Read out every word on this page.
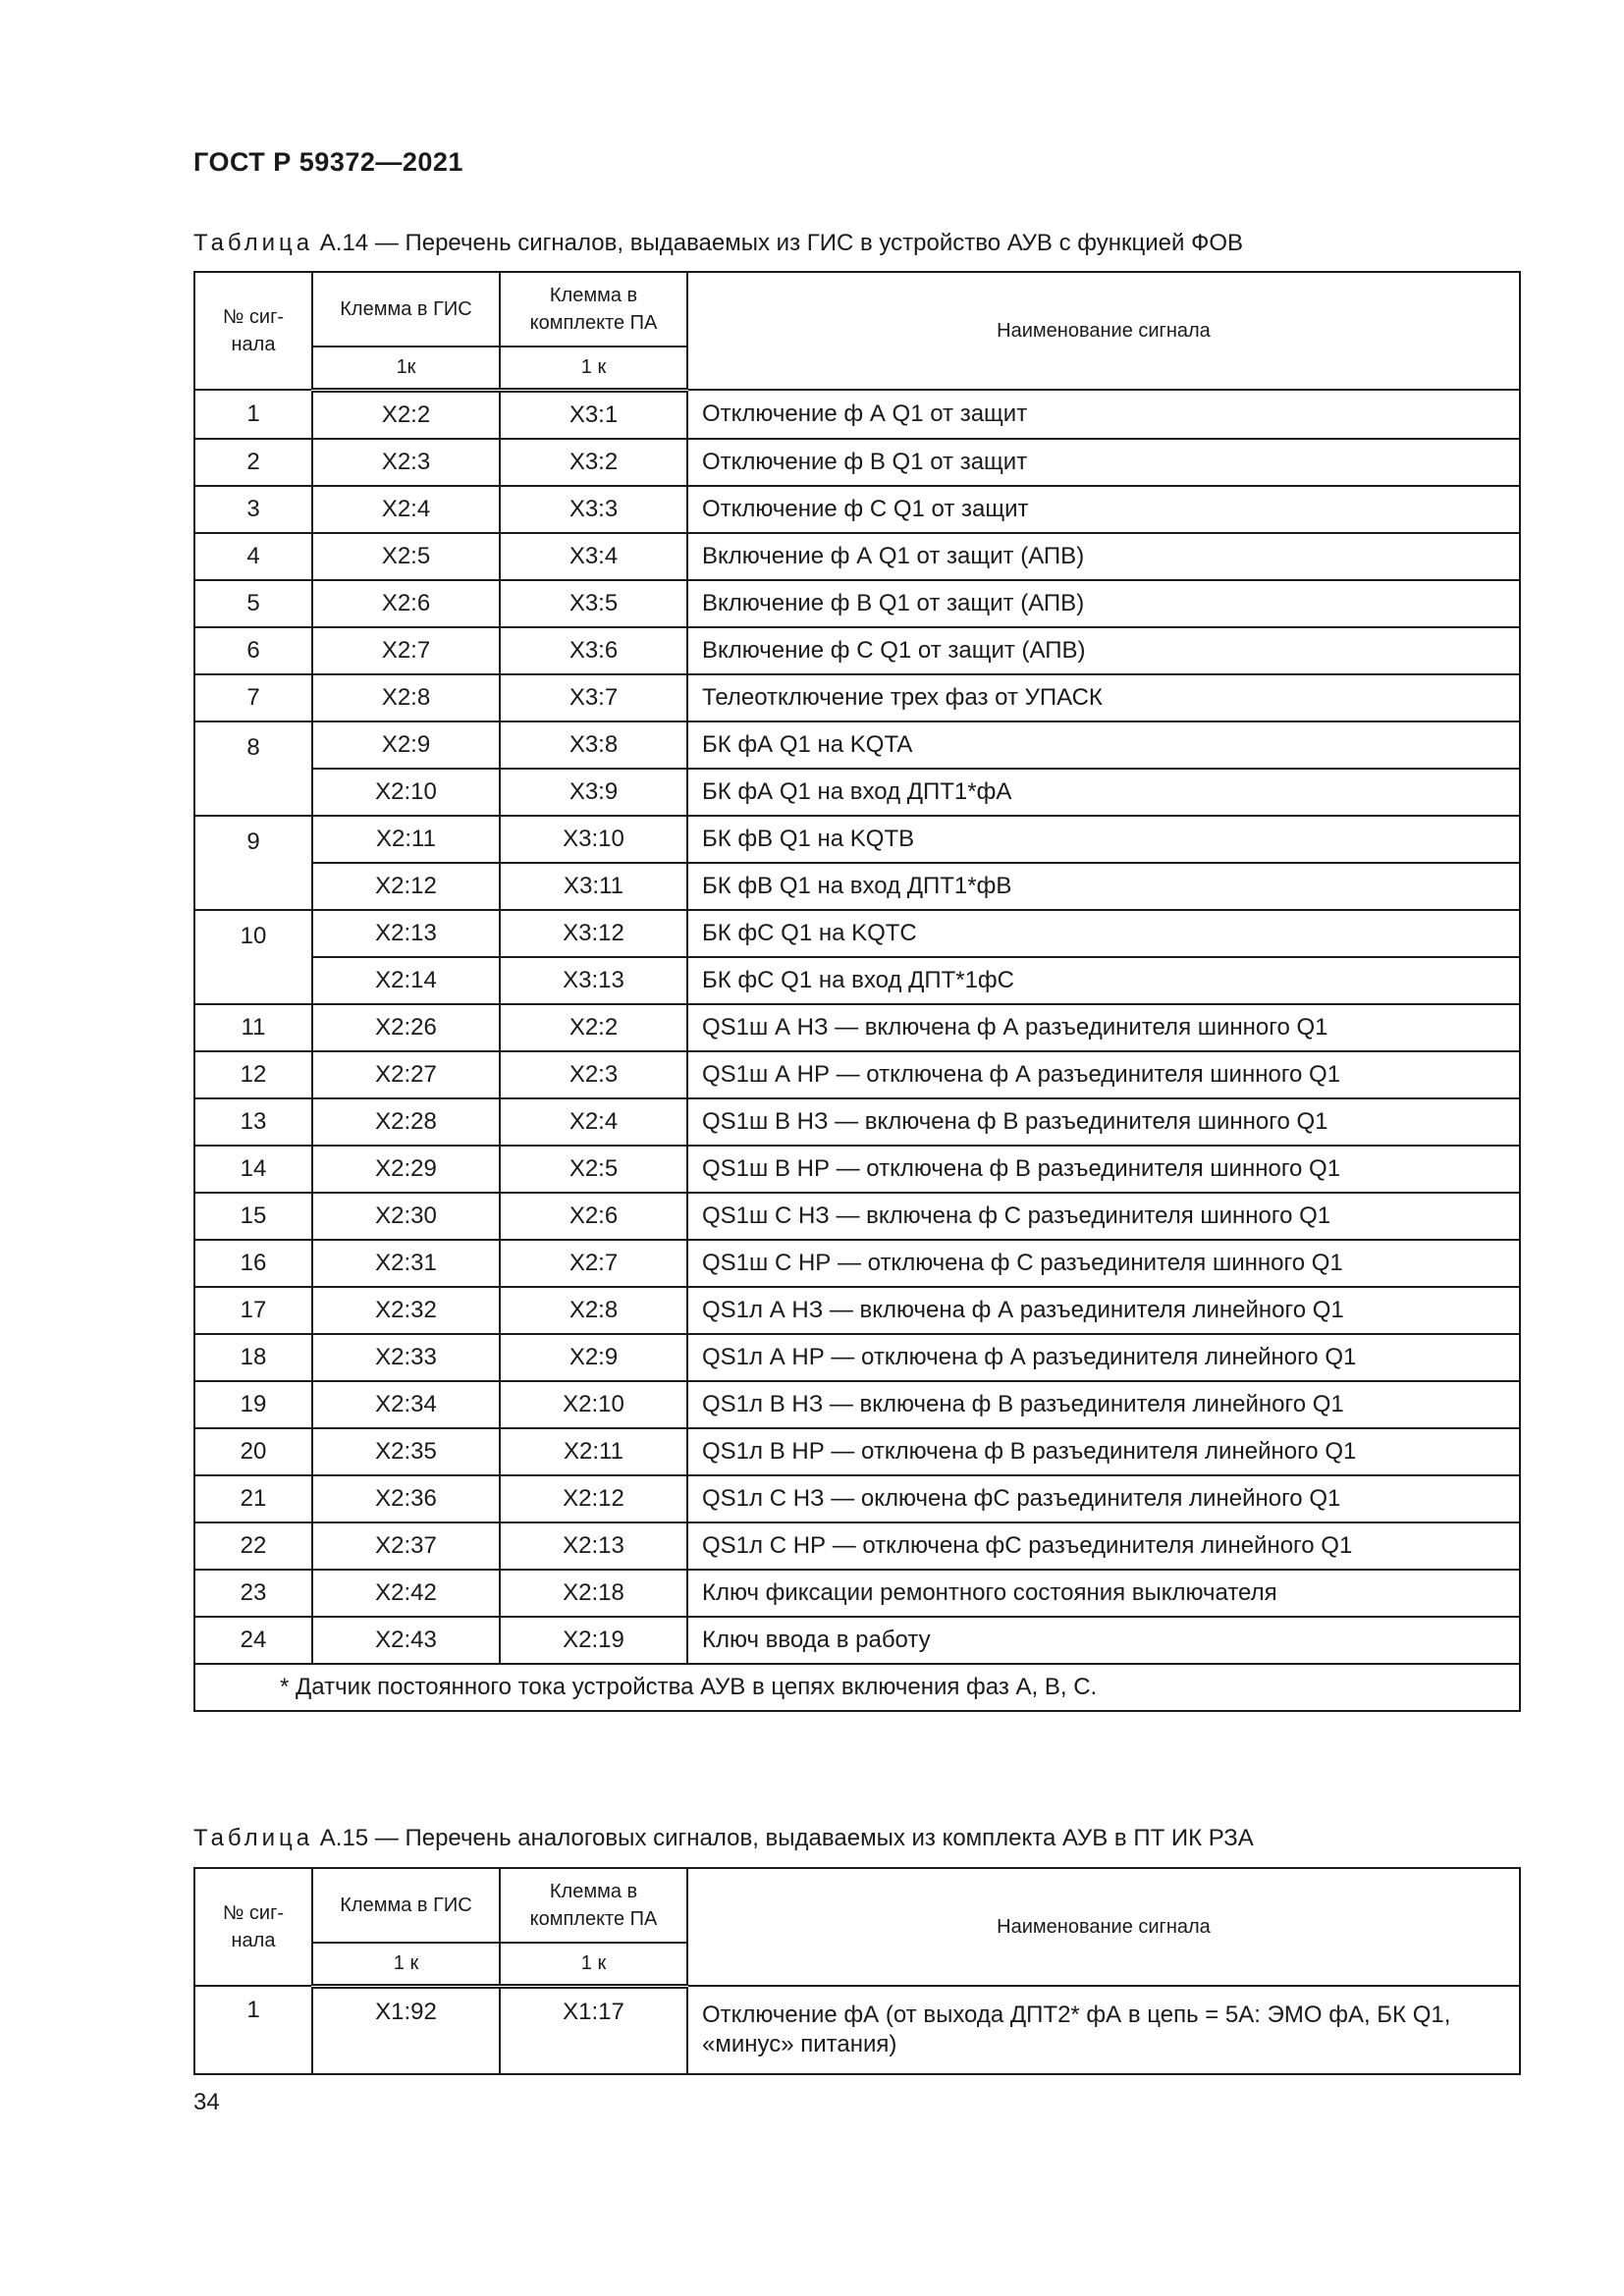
ГОСТ Р 59372—2021
Таблица А.14 — Перечень сигналов, выдаваемых из ГИС в устройство АУВ с функцией ФОВ
№ сиг-нала	Клемма в ГИС	Клемма в комплекте ПА	Наименование сигнала
	1к	1 к	
1	X2:2	X3:1	Отключение ф А Q1 от защит
2	X2:3	X3:2	Отключение ф В Q1 от защит
3	X2:4	X3:3	Отключение ф С Q1 от защит
4	X2:5	X3:4	Включение ф А Q1 от защит (АПВ)
5	X2:6	X3:5	Включение ф В Q1 от защит (АПВ)
6	X2:7	X3:6	Включение ф С Q1 от защит (АПВ)
7	X2:8	X3:7	Телеотключение трех фаз от УПАСК
8	X2:9	X3:8	БК фА Q1 на KQTA
	X2:10	X3:9	БК фА Q1 на вход ДПТ1*фА
9	X2:11	X3:10	БК фВ Q1 на KQTB
	X2:12	X3:11	БК фВ Q1 на вход ДПТ1*фВ
10	X2:13	X3:12	БК фС Q1 на KQTC
	X2:14	X3:13	БК фС Q1 на вход ДПТ*1фС
11	X2:26	X2:2	QS1ш А НЗ — включена ф А разъединителя шинного Q1
12	X2:27	X2:3	QS1ш А НР — отключена ф А разъединителя шинного Q1
13	X2:28	X2:4	QS1ш В НЗ — включена ф В разъединителя шинного Q1
14	X2:29	X2:5	QS1ш В НР — отключена ф В разъединителя шинного Q1
15	X2:30	X2:6	QS1ш С НЗ — включена ф С разъединителя шинного Q1
16	X2:31	X2:7	QS1ш С НР — отключена ф С разъединителя шинного Q1
17	X2:32	X2:8	QS1л А НЗ — включена ф А разъединителя линейного Q1
18	X2:33	X2:9	QS1л А НР — отключена ф А разъединителя линейного Q1
19	X2:34	X2:10	QS1л В НЗ — включена ф В разъединителя линейного Q1
20	X2:35	X2:11	QS1л В НР — отключена ф В разъединителя линейного Q1
21	X2:36	X2:12	QS1л С НЗ — оключена фС разъединителя линейного Q1
22	X2:37	X2:13	QS1л С НР — отключена фС разъединителя линейного Q1
23	X2:42	X2:18	Ключ фиксации ремонтного состояния выключателя
24	X2:43	X2:19	Ключ ввода в работу
* Датчик постоянного тока устройства АУВ в цепях включения фаз А, В, С.			
Таблица А.15 — Перечень аналоговых сигналов, выдаваемых из комплекта АУВ в ПТ ИК РЗА
№ сиг-нала	Клемма в ГИС	Клемма в комплекте ПА	Наименование сигнала
	1 к	1 к	
1	X1:92	X1:17	Отключение фА (от выхода ДПТ2* фА в цепь = 5А: ЭМО фА, БК Q1,
«минус» питания)
34
